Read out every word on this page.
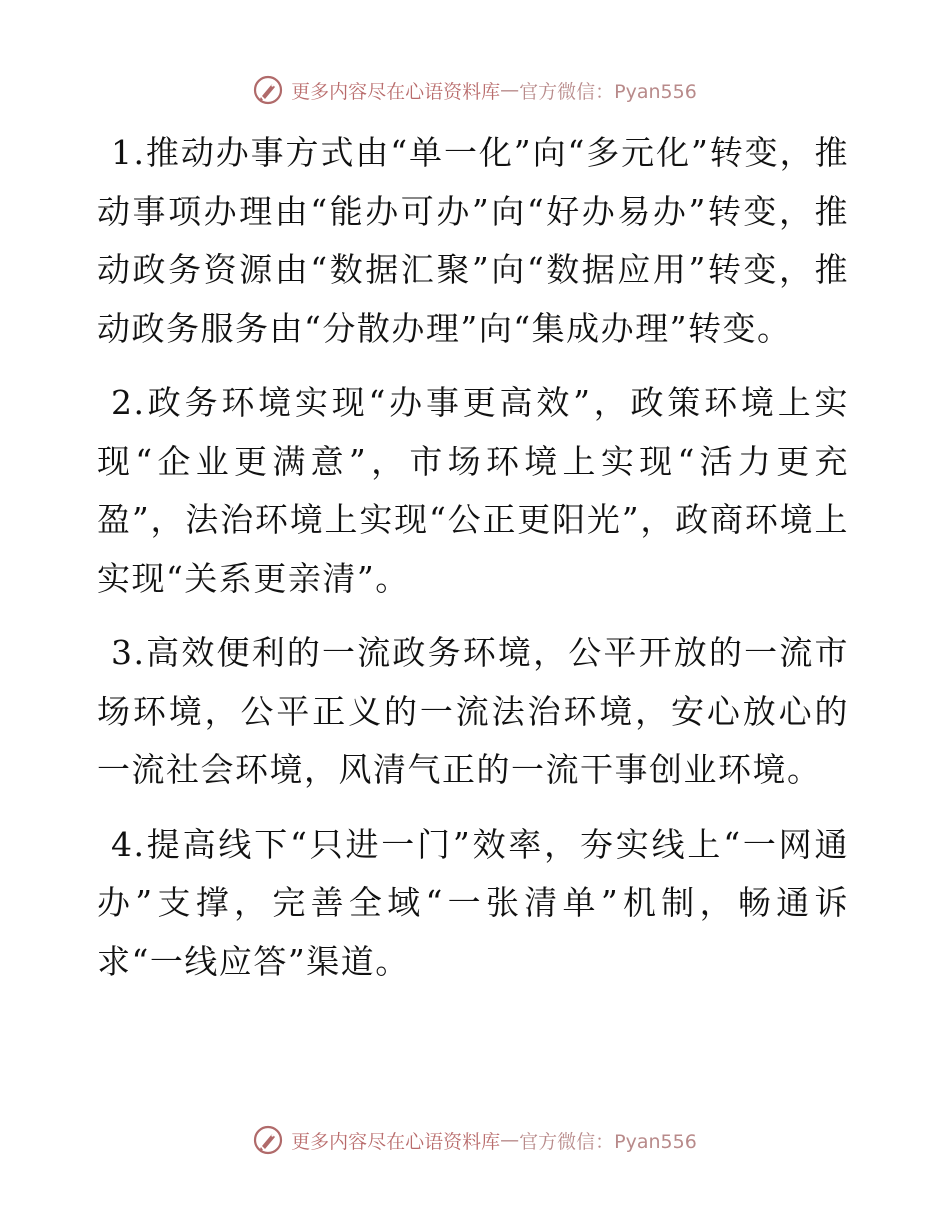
更多内容尽在心语资料库 — 官方微信：Pyan556

1.推动办事方式由“单一化”向“多元化”转变，推动事项办理由“能办可办”向“好办易办”转变，推动政务资源由“数据汇聚”向“数据应用”转变，推动政务服务由“分散办理”向“集成办理”转变。

2.政务环境实现“办事更高效”，政策环境上实现“企业更满意”，市场环境上实现“活力更充盈”，法治环境上实现“公正更阳光”，政商环境上实现“关系更亲清”。

3.高效便利的一流政务环境，公平开放的一流市场环境，公平正义的一流法治环境，安心放心的一流社会环境，风清气正的一流干事创业环境。

4.提高线下“只进一门”效率，夯实线上“一网通办”支撑，完善全域“一张清单”机制，畅通诉求“一线应答”渠道。

更多内容尽在心语资料库 — 官方微信：Pyan556
